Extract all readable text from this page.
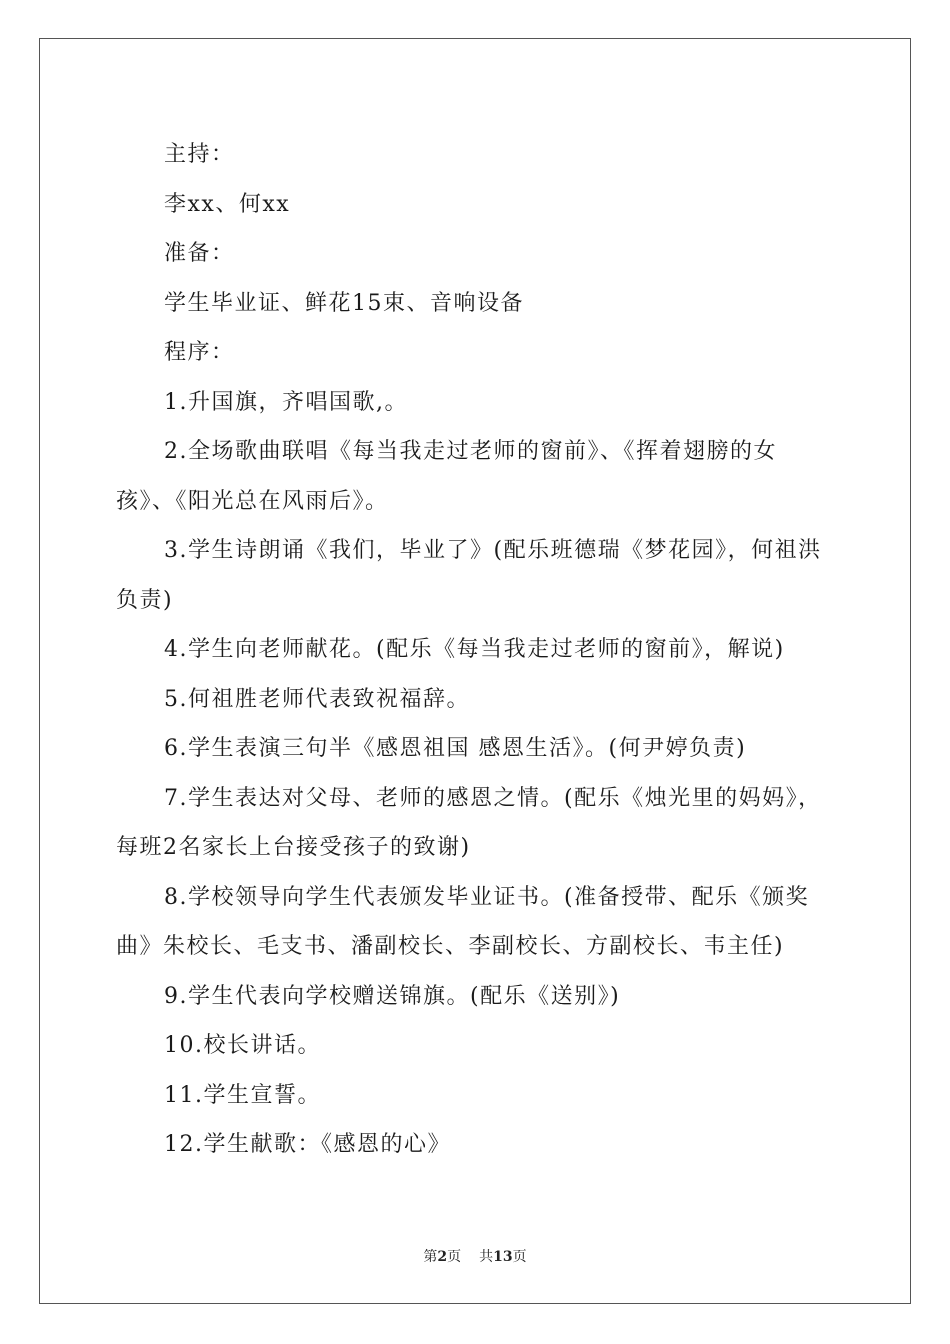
主持：

李xx、何xx

准备：

学生毕业证、鲜花15束、音响设备

程序：

1.升国旗，齐唱国歌,。

2.全场歌曲联唱《每当我走过老师的窗前》、《挥着翅膀的女孩》、《阳光总在风雨后》。

3.学生诗朗诵《我们，毕业了》(配乐班德瑞《梦花园》，何祖洪负责)

4.学生向老师献花。(配乐《每当我走过老师的窗前》，解说)

5.何祖胜老师代表致祝福辞。

6.学生表演三句半《感恩祖国 感恩生活》。(何尹婷负责)

7.学生表达对父母、老师的感恩之情。(配乐《烛光里的妈妈》，每班2名家长上台接受孩子的致谢)

8.学校领导向学生代表颁发毕业证书。(准备授带、配乐《颁奖曲》朱校长、毛支书、潘副校长、李副校长、方副校长、韦主任)

9.学生代表向学校赠送锦旗。(配乐《送别》)

10.校长讲话。

11.学生宣誓。

12.学生献歌：《感恩的心》

第2页 共13页
